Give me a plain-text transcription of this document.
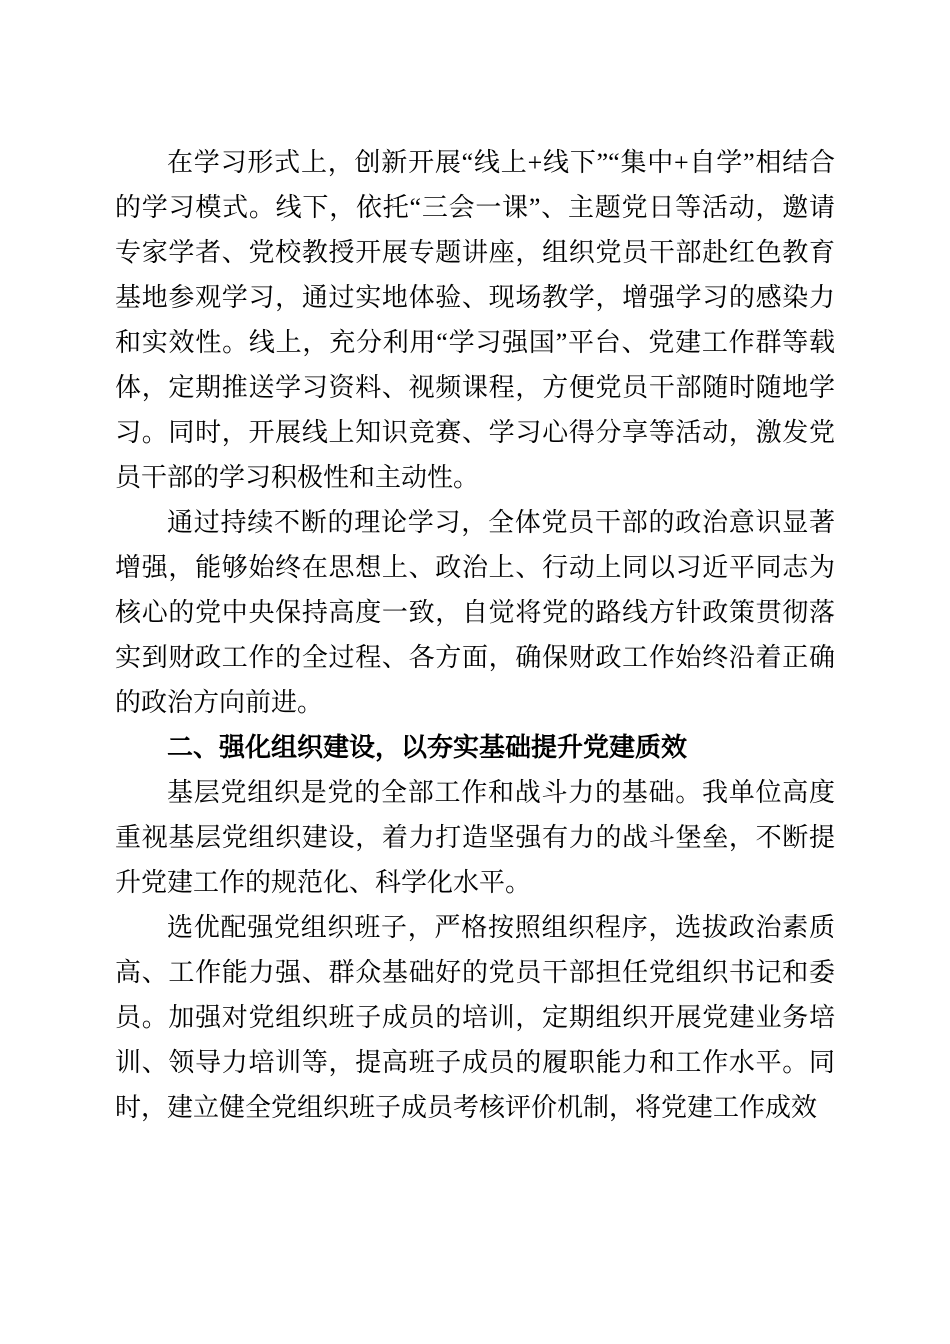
在学习形式上，创新开展“线上+线下”“集中+自学”相结合的学习模式。线下，依托“三会一课”、主题党日等活动，邀请专家学者、党校教授开展专题讲座，组织党员干部赴红色教育基地参观学习，通过实地体验、现场教学，增强学习的感染力和实效性。线上，充分利用“学习强国”平台、党建工作群等载体，定期推送学习资料、视频课程，方便党员干部随时随地学习。同时，开展线上知识竞赛、学习心得分享等活动，激发党员干部的学习积极性和主动性。

通过持续不断的理论学习，全体党员干部的政治意识显著增强，能够始终在思想上、政治上、行动上同以习近平同志为核心的党中央保持高度一致，自觉将党的路线方针政策贯彻落实到财政工作的全过程、各方面，确保财政工作始终沿着正确的政治方向前进。

二、强化组织建设，以夯实基础提升党建质效

基层党组织是党的全部工作和战斗力的基础。我单位高度重视基层党组织建设，着力打造坚强有力的战斗堡垒，不断提升党建工作的规范化、科学化水平。

选优配强党组织班子，严格按照组织程序，选拔政治素质高、工作能力强、群众基础好的党员干部担任党组织书记和委员。加强对党组织班子成员的培训，定期组织开展党建业务培训、领导力培训等，提高班子成员的履职能力和工作水平。同时，建立健全党组织班子成员考核评价机制，将党建工作成效
